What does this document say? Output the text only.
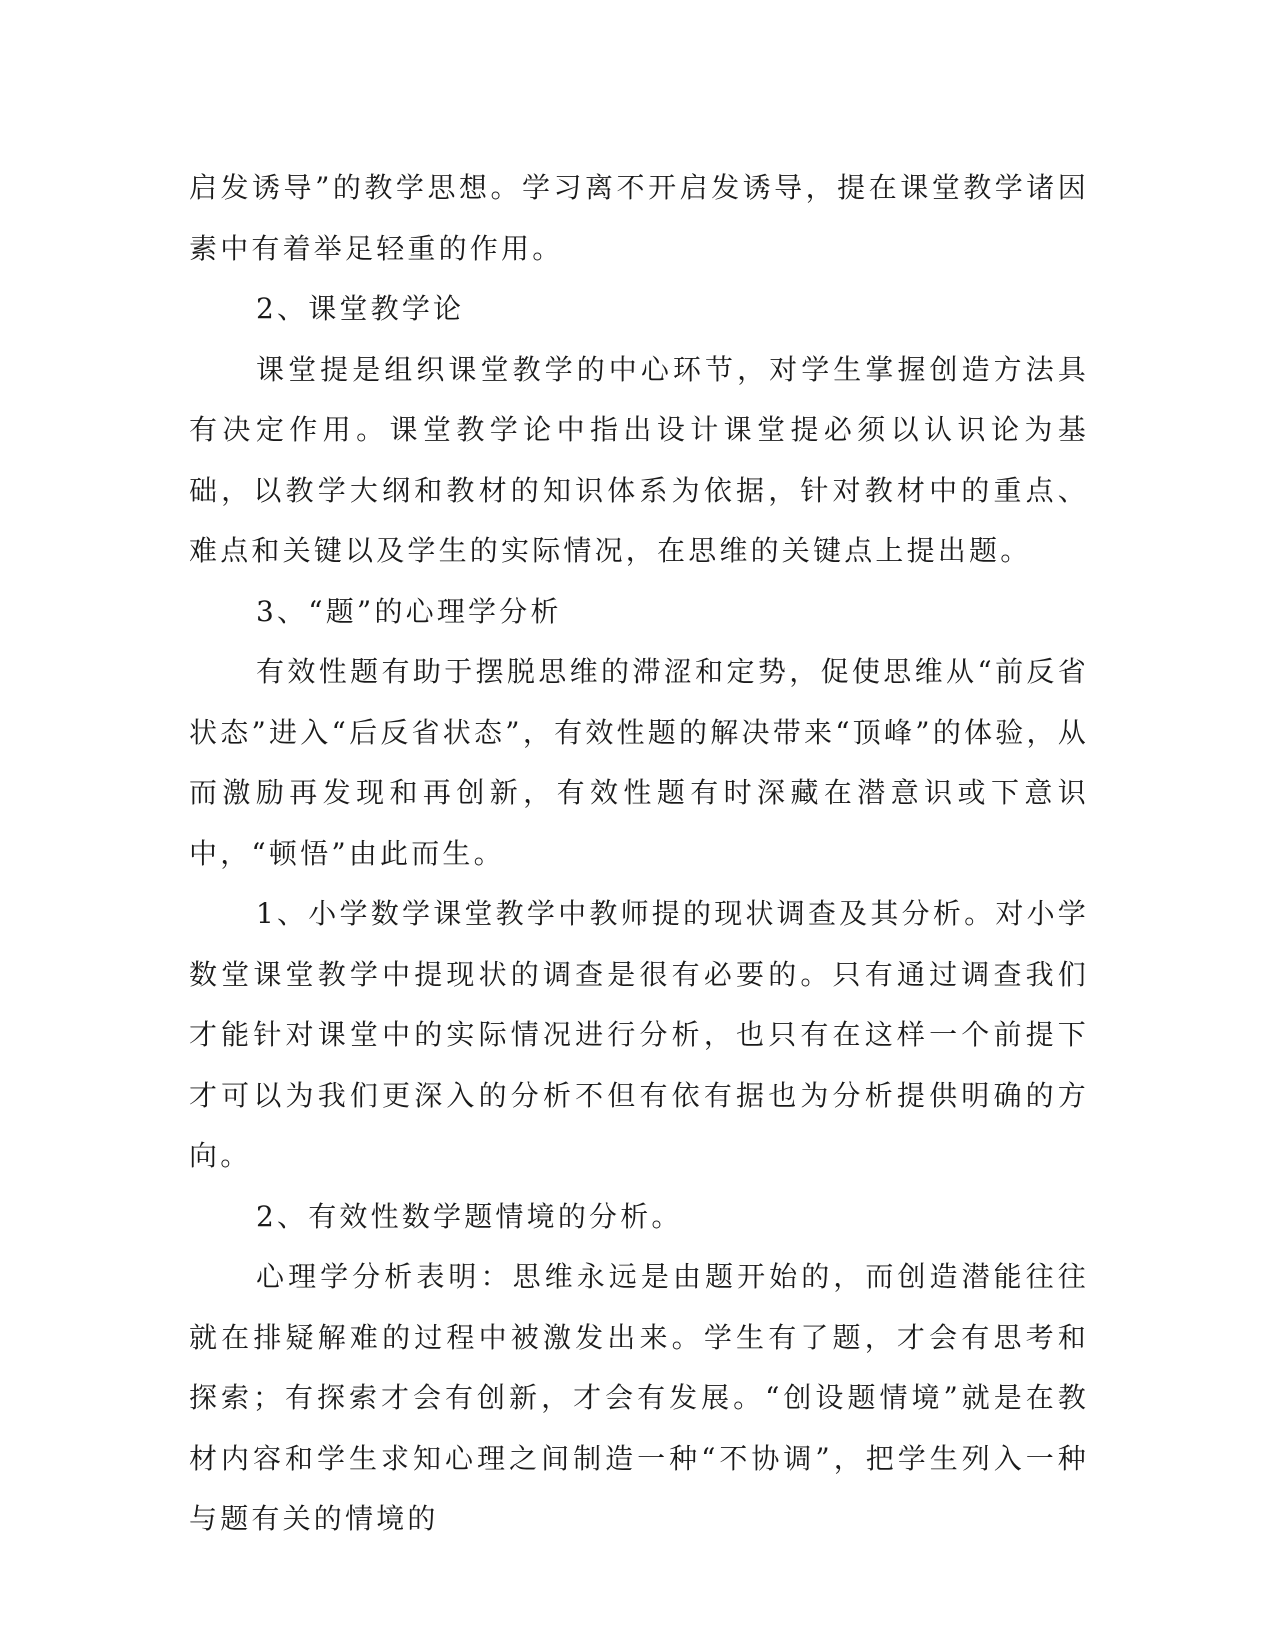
启发诱导”的教学思想。学习离不开启发诱导，提在课堂教学诸因素中有着举足轻重的作用。

2、课堂教学论

课堂提是组织课堂教学的中心环节，对学生掌握创造方法具有决定作用。课堂教学论中指出设计课堂提必须以认识论为基础，以教学大纲和教材的知识体系为依据，针对教材中的重点、难点和关键以及学生的实际情况，在思维的关键点上提出题。

3、“题”的心理学分析

有效性题有助于摆脱思维的滞涩和定势，促使思维从“前反省状态”进入“后反省状态”，有效性题的解决带来“顶峰”的体验，从而激励再发现和再创新，有效性题有时深藏在潜意识或下意识中，“顿悟”由此而生。

1、小学数学课堂教学中教师提的现状调查及其分析。对小学数堂课堂教学中提现状的调查是很有必要的。只有通过调查我们才能针对课堂中的实际情况进行分析，也只有在这样一个前提下才可以为我们更深入的分析不但有依有据也为分析提供明确的方向。

2、有效性数学题情境的分析。

心理学分析表明：思维永远是由题开始的，而创造潜能往往就在排疑解难的过程中被激发出来。学生有了题，才会有思考和探索；有探索才会有创新，才会有发展。“创设题情境”就是在教材内容和学生求知心理之间制造一种“不协调”，把学生列入一种与题有关的情境的
